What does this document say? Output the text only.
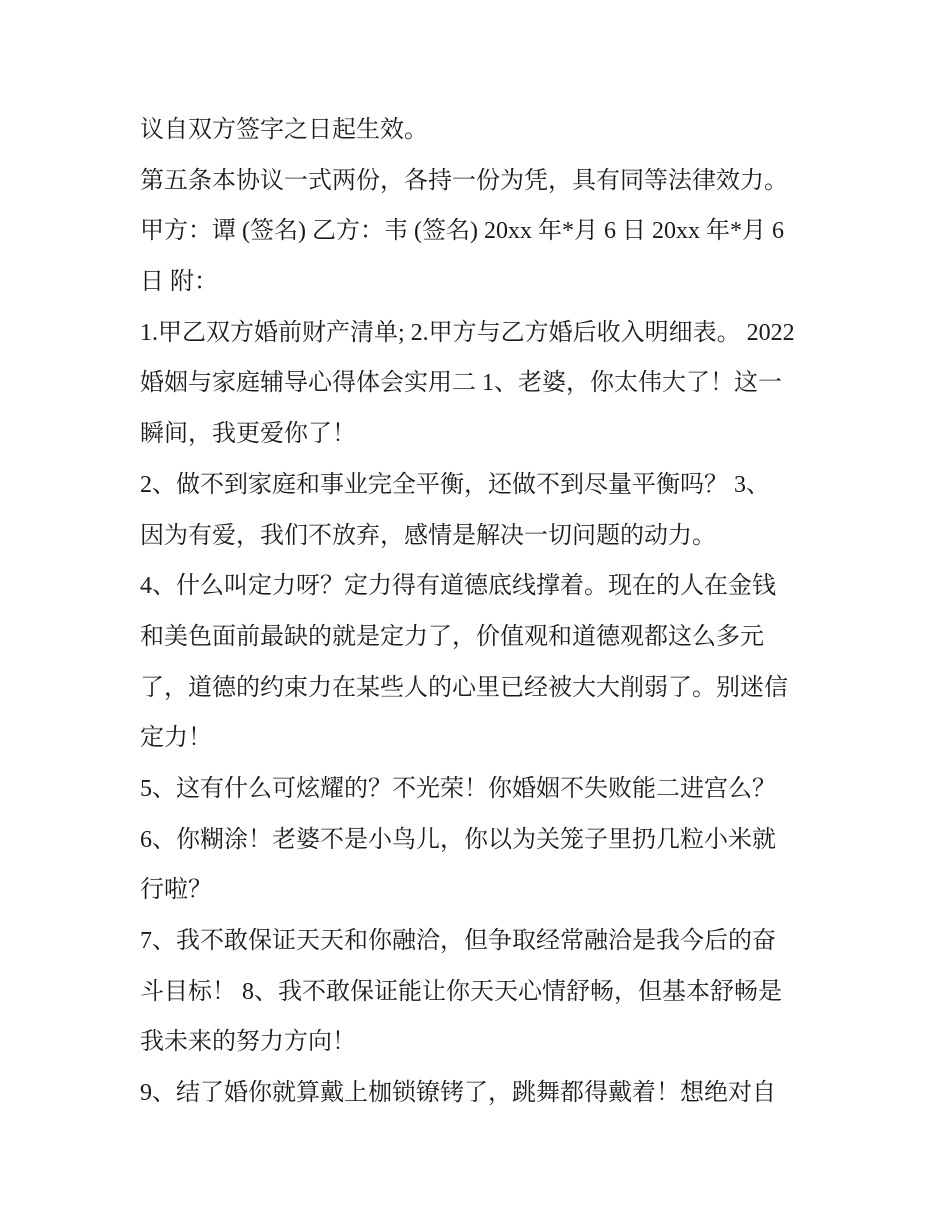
议自双方签字之日起生效。
第五条本协议一式两份，各持一份为凭，具有同等法律效力。
甲方：谭 (签名) 乙方：韦 (签名) 20xx 年*月 6 日 20xx 年*月 6
日 附：
1.甲乙双方婚前财产清单; 2.甲方与乙方婚后收入明细表。 2022
婚姻与家庭辅导心得体会实用二 1、老婆，你太伟大了！这一
瞬间，我更爱你了！
2、做不到家庭和事业完全平衡，还做不到尽量平衡吗？ 3、
因为有爱，我们不放弃，感情是解决一切问题的动力。
4、什么叫定力呀？定力得有道德底线撑着。现在的人在金钱
和美色面前最缺的就是定力了，价值观和道德观都这么多元
了，道德的约束力在某些人的心里已经被大大削弱了。别迷信
定力！
5、这有什么可炫耀的？不光荣！你婚姻不失败能二进宫么？
6、你糊涂！老婆不是小鸟儿，你以为关笼子里扔几粒小米就
行啦？
7、我不敢保证天天和你融洽，但争取经常融洽是我今后的奋
斗目标！ 8、我不敢保证能让你天天心情舒畅，但基本舒畅是
我未来的努力方向！
9、结了婚你就算戴上枷锁镣铐了，跳舞都得戴着！想绝对自
